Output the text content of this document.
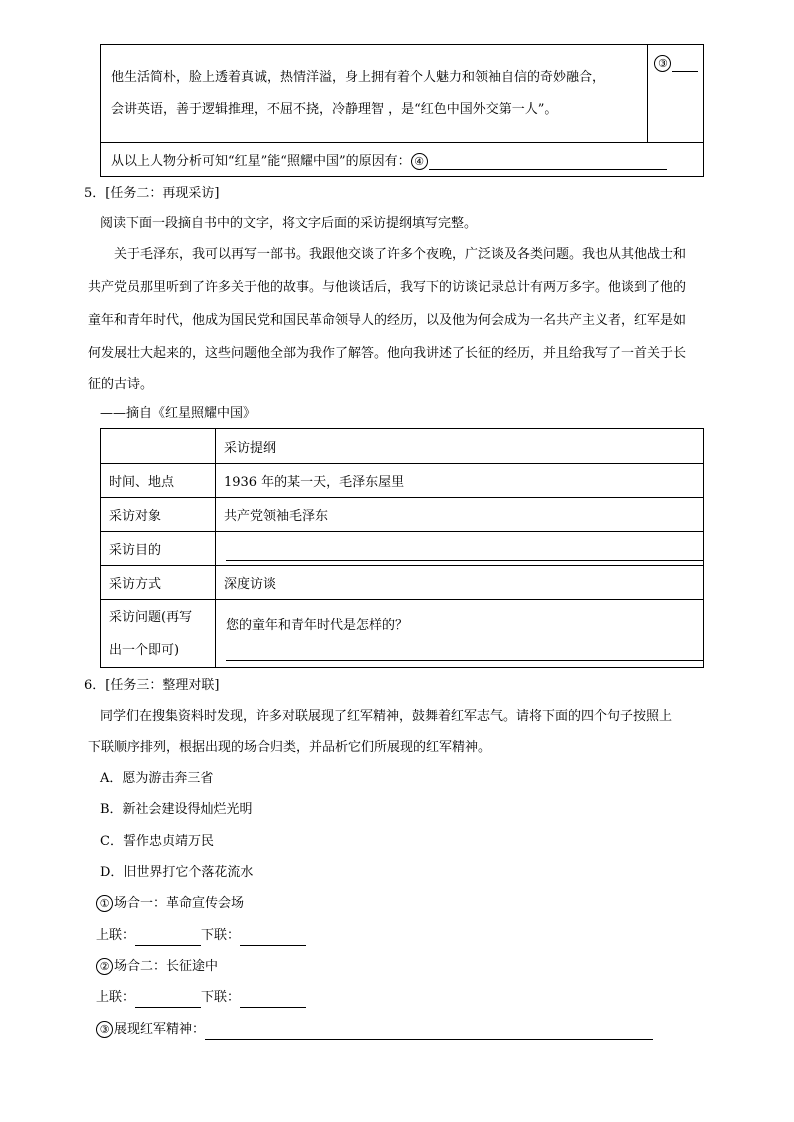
他生活简朴，脸上透着真诚，热情洋溢，身上拥有着个人魅力和领袖自信的奇妙融合，
会讲英语，善于逻辑推理，不屈不挠，冷静理智 ，是“红色中国外交第一人”。
	③
从以上人物分析可知“红星”能“照耀中国”的原因有： ④
5．[任务二：再现采访]
阅读下面一段摘自书中的文字，将文字后面的采访提纲填写完整。
关于毛泽东，我可以再写一部书。我跟他交谈了许多个夜晚，广泛谈及各类问题。我也从其他战士和
共产党员那里听到了许多关于他的故事。与他谈话后，我写下的访谈记录总计有两万多字。他谈到了他的
童年和青年时代，他成为国民党和国民革命领导人的经历，以及他为何会成为一名共产主义者，红军是如
何发展壮大起来的，这些问题他全部为我作了解答。他向我讲述了长征的经历，并且给我写了一首关于长
征的古诗。
——摘自《红星照耀中国》
	采访提纲
时间、地点	1936 年的某一天，毛泽东屋里
采访对象	共产党领袖毛泽东
采访目的	

采访方式	深度访谈

采访问题(再写
出一个即可)	您的童年和青年时代是怎样的？
6．[任务三：整理对联]
同学们在搜集资料时发现，许多对联展现了红军精神，鼓舞着红军志气。请将下面的四个句子按照上
下联顺序排列，根据出现的场合归类，并品析它们所展现的红军精神。
A．愿为游击奔三省
B．新社会建设得灿烂光明
C．誓作忠贞靖万民
D．旧世界打它个落花流水
① 场合一：革命宣传会场
上联：	下联：
② 场合二：长征途中
上联：	下联：
③ 展现红军精神：
